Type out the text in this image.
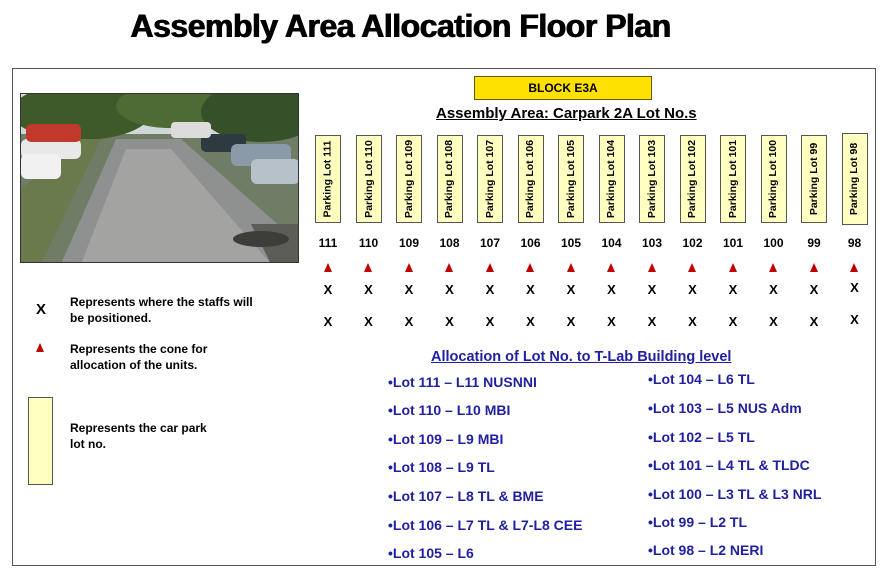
Assembly Area Allocation Floor Plan
BLOCK E3A
Assembly Area: Carpark 2A Lot No.s
Parking Lot 111
111
X
X
Parking Lot 110
110
X
X
Parking Lot 109
109
X
X
Parking Lot 108
108
X
X
Parking Lot 107
107
X
X
Parking Lot 106
106
X
X
Parking Lot 105
105
X
X
Parking Lot 104
104
X
X
Parking Lot 103
103
X
X
Parking Lot 102
102
X
X
Parking Lot 101
101
X
X
Parking Lot 100
100
X
X
Parking Lot 99
99
X
X
Parking Lot 98
98
X
X
X Represents where the staffs will be positioned.
Represents the cone for allocation of the units.
Represents the car park lot no.
Allocation of Lot No. to T-Lab Building level
•Lot 111 – L11 NUSNNI
•Lot 110 – L10 MBI
•Lot 109 – L9 MBI
•Lot 108 – L9 TL
•Lot 107 – L8 TL & BME
•Lot 106 – L7 TL & L7-L8 CEE
•Lot 105 – L6
•Lot 104 – L6 TL
•Lot 103 – L5 NUS Adm
•Lot 102 – L5 TL
•Lot 101 – L4 TL & TLDC
•Lot 100 – L3 TL & L3 NRL
•Lot 99 – L2 TL
•Lot 98 – L2 NERI
